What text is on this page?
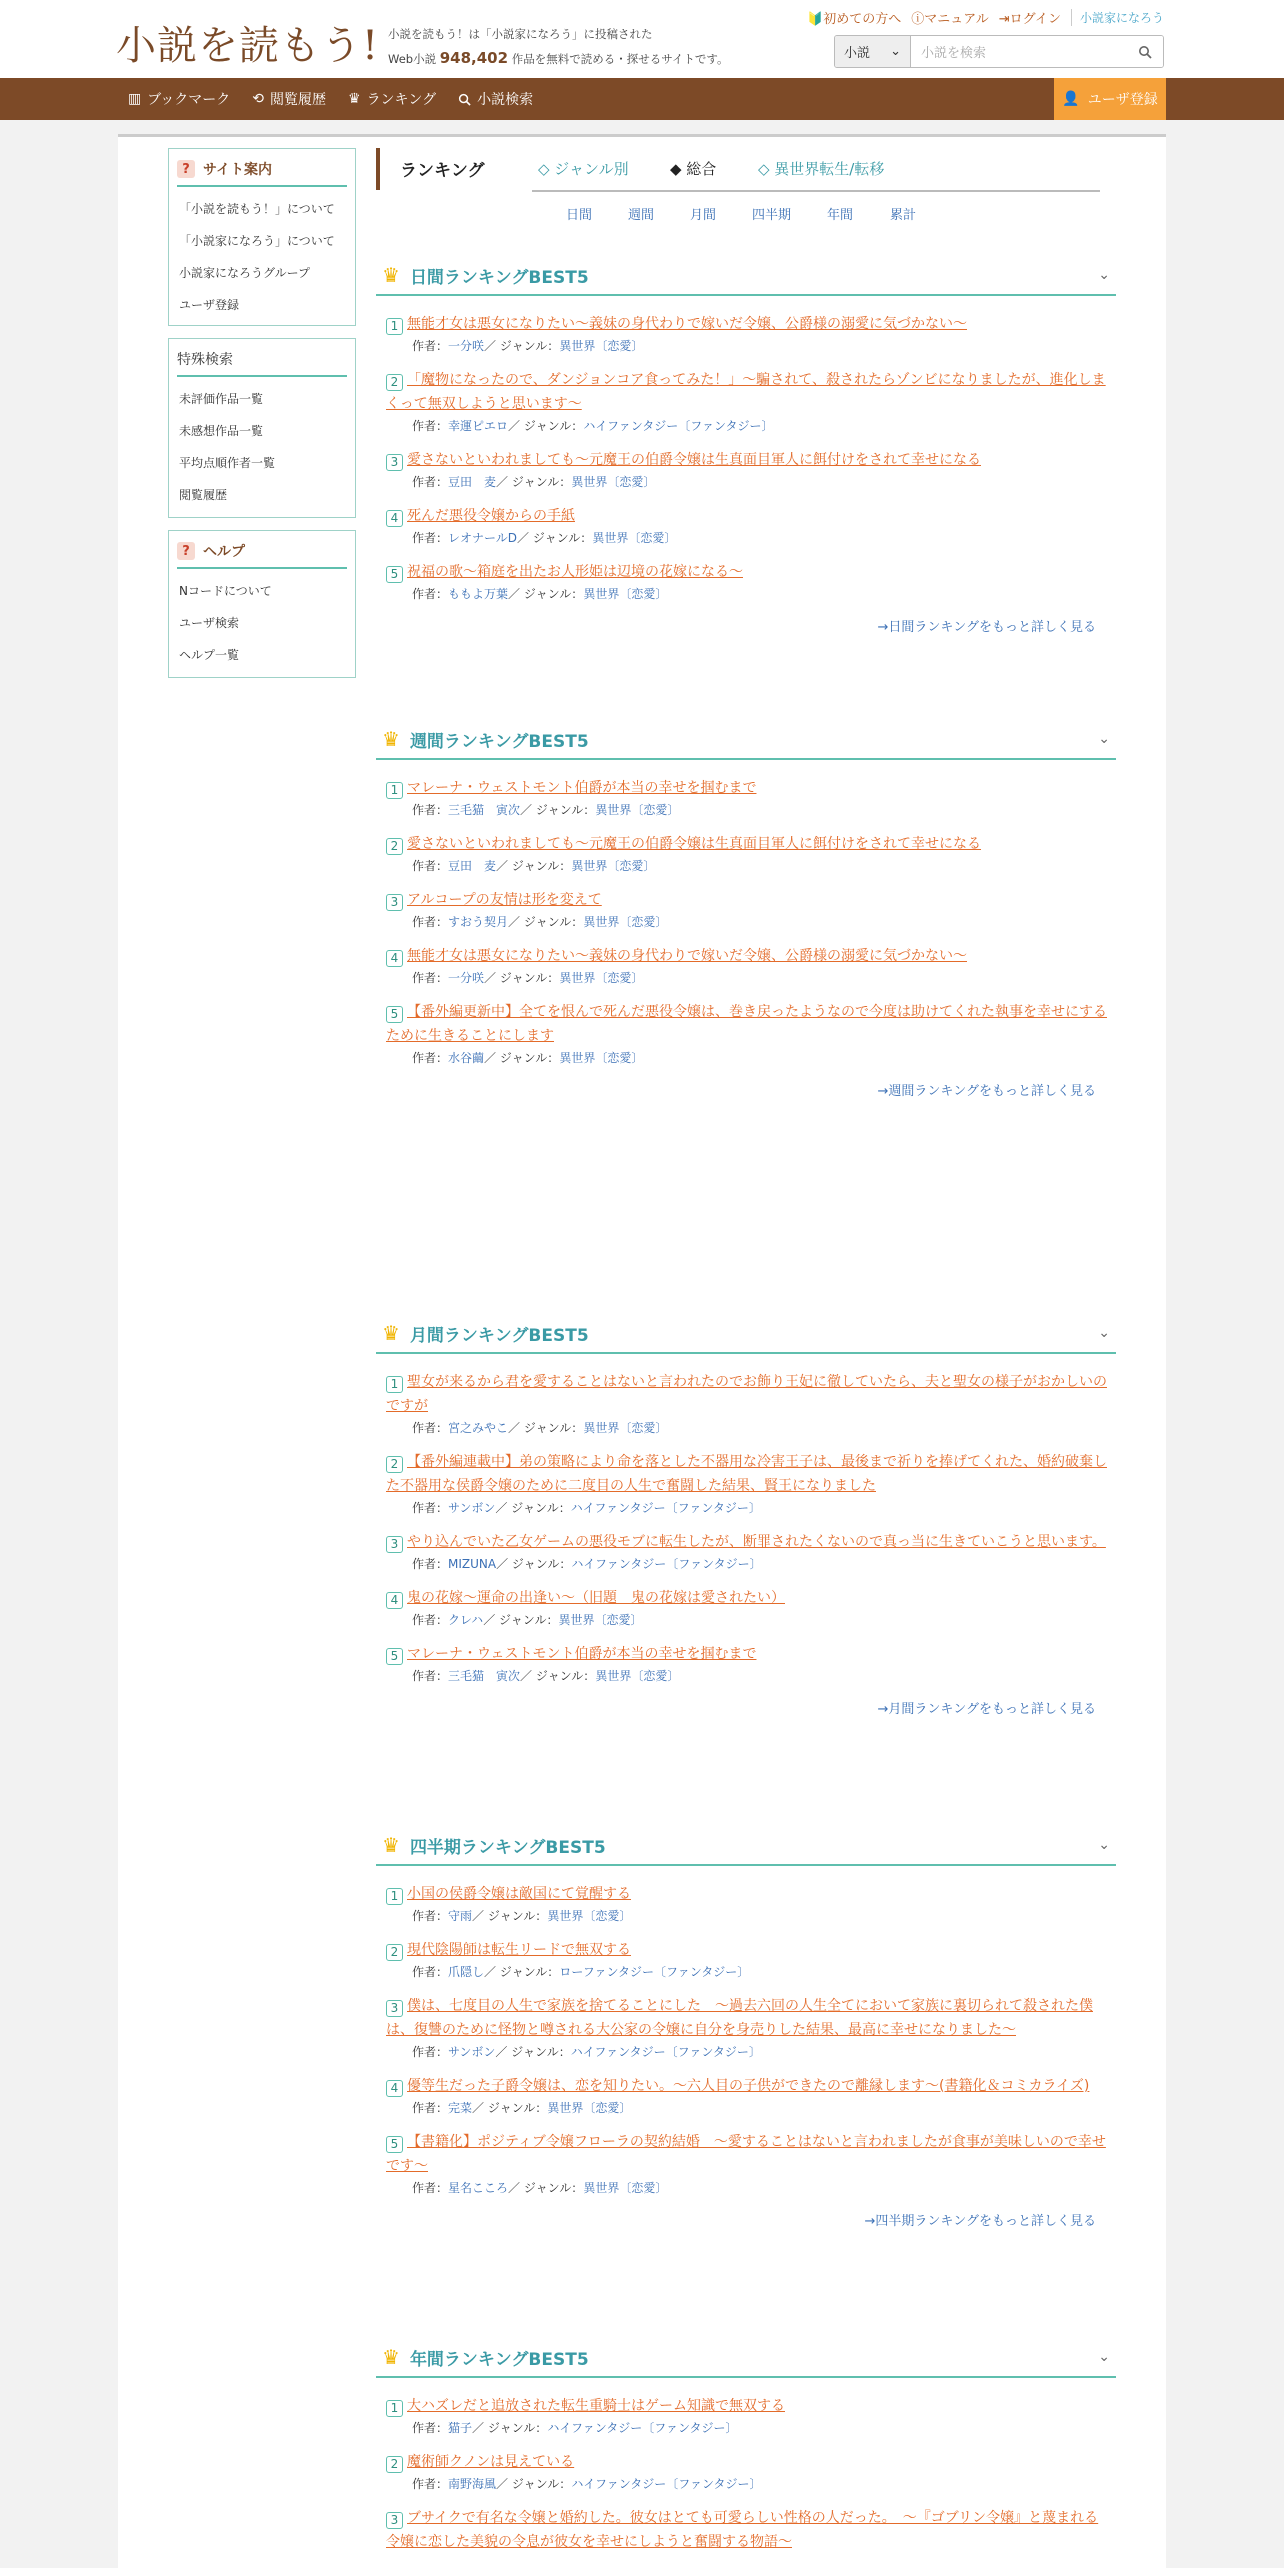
小説を読もう! 小説を読もう！は「小説家になろう」に投稿された
Web小説 948,402 作品を無料で読める・探せるサイトです。
🔰初めての方へ ⓘマニュアル ⇥ログイン	小説家になろう
小説 ⌄	小説を検索
▥ ブックマーク ⟲ 閲覧履歴 ♛ ランキング	小説検索	👤 ユーザ登録
? サイト案内
「小説を読もう！」について
「小説家になろう」について
小説家になろうグループ
ユーザ登録
特殊検索
未評価作品一覧
未感想作品一覧
平均点順作者一覧
閲覧履歴
? ヘルプ
Nコードについて
ユーザ検索
ヘルプ一覧
ランキング	◇ ジャンル別	◆ 総合	◇ 異世界転生/転移
日間	週間	月間	四半期	年間	累計
♛ 日間ランキングBEST5	⌄
1 無能才女は悪女になりたい～義妹の身代わりで嫁いだ令嬢、公爵様の溺愛に気づかない～
作者：一分咲／ ジャンル：異世界〔恋愛〕
2 「魔物になったので、ダンジョンコア食ってみた！」～騙されて、殺されたらゾンビになりましたが、進化しまくって無双しようと思います～
作者：幸運ピエロ／ ジャンル：ハイファンタジー〔ファンタジー〕
3 愛さないといわれましても～元魔王の伯爵令嬢は生真面目軍人に餌付けをされて幸せになる
作者：豆田　麦／ ジャンル：異世界〔恋愛〕
4 死んだ悪役令嬢からの手紙
作者：レオナールD／ ジャンル：異世界〔恋愛〕
5 祝福の歌～箱庭を出たお人形姫は辺境の花嫁になる～
作者：ももよ万葉／ ジャンル：異世界〔恋愛〕
→日間ランキングをもっと詳しく見る
♛ 週間ランキングBEST5	⌄
1 マレーナ・ウェストモント伯爵が本当の幸せを掴むまで
作者：三毛猫　寅次／ ジャンル：異世界〔恋愛〕
2 愛さないといわれましても～元魔王の伯爵令嬢は生真面目軍人に餌付けをされて幸せになる
作者：豆田　麦／ ジャンル：異世界〔恋愛〕
3 アルコープの友情は形を変えて
作者：すおう契月／ ジャンル：異世界〔恋愛〕
4 無能才女は悪女になりたい～義妹の身代わりで嫁いだ令嬢、公爵様の溺愛に気づかない～
作者：一分咲／ ジャンル：異世界〔恋愛〕
5 【番外編更新中】全てを恨んで死んだ悪役令嬢は、巻き戻ったようなので今度は助けてくれた執事を幸せにするために生きることにします
作者：水谷繭／ ジャンル：異世界〔恋愛〕
→週間ランキングをもっと詳しく見る
♛ 月間ランキングBEST5	⌄
1 聖女が来るから君を愛することはないと言われたのでお飾り王妃に徹していたら、夫と聖女の様子がおかしいのですが
作者：宮之みやこ／ ジャンル：異世界〔恋愛〕
2 【番外編連載中】弟の策略により命を落とした不器用な冷害王子は、最後まで祈りを捧げてくれた、婚約破棄した不器用な侯爵令嬢のために二度目の人生で奮闘した結果、賢王になりました
作者：サンボン／ ジャンル：ハイファンタジー〔ファンタジー〕
3 やり込んでいた乙女ゲームの悪役モブに転生したが、断罪されたくないので真っ当に生きていこうと思います。
作者：MIZUNA／ ジャンル：ハイファンタジー〔ファンタジー〕
4 鬼の花嫁～運命の出逢い～（旧題　鬼の花嫁は愛されたい）
作者：クレハ／ ジャンル：異世界〔恋愛〕
5 マレーナ・ウェストモント伯爵が本当の幸せを掴むまで
作者：三毛猫　寅次／ ジャンル：異世界〔恋愛〕
→月間ランキングをもっと詳しく見る
♛ 四半期ランキングBEST5	⌄
1 小国の侯爵令嬢は敵国にて覚醒する
作者：守雨／ ジャンル：異世界〔恋愛〕
2 現代陰陽師は転生リードで無双する
作者：爪隠し／ ジャンル：ローファンタジー〔ファンタジー〕
3 僕は、七度目の人生で家族を捨てることにした　～過去六回の人生全てにおいて家族に裏切られて殺された僕は、復讐のために怪物と噂される大公家の令嬢に自分を身売りした結果、最高に幸せになりました～
作者：サンボン／ ジャンル：ハイファンタジー〔ファンタジー〕
4 優等生だった子爵令嬢は、恋を知りたい。～六人目の子供ができたので離縁します～(書籍化＆コミカライズ)
作者：完菜／ ジャンル：異世界〔恋愛〕
5 【書籍化】ポジティブ令嬢フローラの契約結婚　～愛することはないと言われましたが食事が美味しいので幸せです～
作者：星名こころ／ ジャンル：異世界〔恋愛〕
→四半期ランキングをもっと詳しく見る
♛ 年間ランキングBEST5	⌄
1 大ハズレだと追放された転生重騎士はゲーム知識で無双する
作者：猫子／ ジャンル：ハイファンタジー〔ファンタジー〕
2 魔術師クノンは見えている
作者：南野海風／ ジャンル：ハイファンタジー〔ファンタジー〕
3 ブサイクで有名な令嬢と婚約した。彼女はとても可愛らしい性格の人だった。　～『ゴブリン令嬢』と蔑まれる令嬢に恋した美貌の令息が彼女を幸せにしようと奮闘する物語～
